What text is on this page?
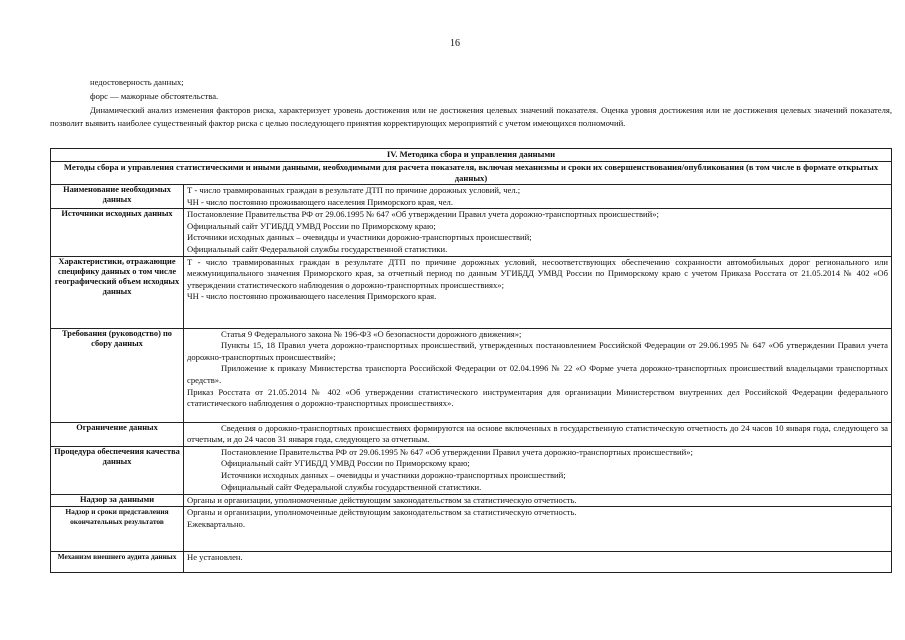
16

недостоверность данных;

форс — мажорные обстоятельства.

Динамический анализ изменения факторов риска, характеризует уровень достижения или не достижения целевых значений показателя. Оценка уровня достижения или не достижения целевых значений показателя, позволит выявить наиболее существенный фактор риска с целью последующего принятия корректирующих мероприятий с учетом имеющихся полномочий.

IV. Методика сбора и управления данными	
Методы сбора и управления статистическими и иными данными, необходимыми для расчета показателя, включая механизмы и сроки их совершенствования/опубликования (в том числе в формате открытых данных)	
Наименование необходимых данных	Т - число травмированных граждан в результате ДТП по причине дорожных условий, чел.;

ЧН - число постоянно проживающего населения Приморского края, чел.

Источники исходных данных	Постановление Правительства РФ от 29.06.1995 № 647 «Об утверждении Правил учета дорожно-транспортных происшествий»;

Официальный сайт УГИБДД УМВД России по Приморскому краю;

Источники исходных данных – очевидцы и участники дорожно-транспортных происшествий;

Официальный сайт Федеральной службы государственной статистики.

Характеристики, отражающие специфику данных о том числе географический объем исходных данных	Т - число травмированных граждан в результате ДТП по причине дорожных условий, несоответствующих обеспечению сохранности автомобильных дорог регионального или межмуниципального значения Приморского края, за отчетный период по данным УГИБДД УМВД России по Приморскому краю с учетом Приказа Росстата от 21.05.2014 № 402 «Об утверждении статистического наблюдения о дорожно-транспортных происшествиях»;

ЧН - число постоянно проживающего населения Приморского края.

Требования (руководство) по сбору данных	Статья 9 Федерального закона № 196-ФЗ «О безопасности дорожного движения»;

Пункты 15, 18 Правил учета дорожно-транспортных происшествий, утвержденных постановлением Российской Федерации от 29.06.1995 № 647 «Об утверждении Правил учета дорожно-транспортных происшествий»;

Приложение к приказу Министерства транспорта Российской Федерации от 02.04.1996 № 22 «О Форме учета дорожно-транспортных происшествий владельцами транспортных средств».

Приказ Росстата от 21.05.2014 № 402 «Об утверждении статистического инструментария для организации Министерством внутренних дел Российской Федерации федерального статистического наблюдения о дорожно-транспортных происшествиях».

Ограничение данных	Сведения о дорожно-транспортных происшествиях формируются на основе включенных в государственную статистическую отчетность до 24 часов 10 января года, следующего за отчетным, и до 24 часов 31 января года, следующего за отчетным.

Процедура обеспечения качества данных	Постановление Правительства РФ от 29.06.1995 № 647 «Об утверждении Правил учета дорожно-транспортных происшествий»;

Официальный сайт УГИБДД УМВД России по Приморскому краю;

Источники исходных данных – очевидцы и участники дорожно-транспортных происшествий;

Официальный сайт Федеральной службы государственной статистики.

Надзор за данными	Органы и организации, уполномоченные действующим законодательством за статистическую отчетность.

Надзор и сроки представления окончательных результатов	Органы и организации, уполномоченные действующим законодательством за статистическую отчетность.

Ежеквартально.

Механизм внешнего аудита данных	Не установлен.
